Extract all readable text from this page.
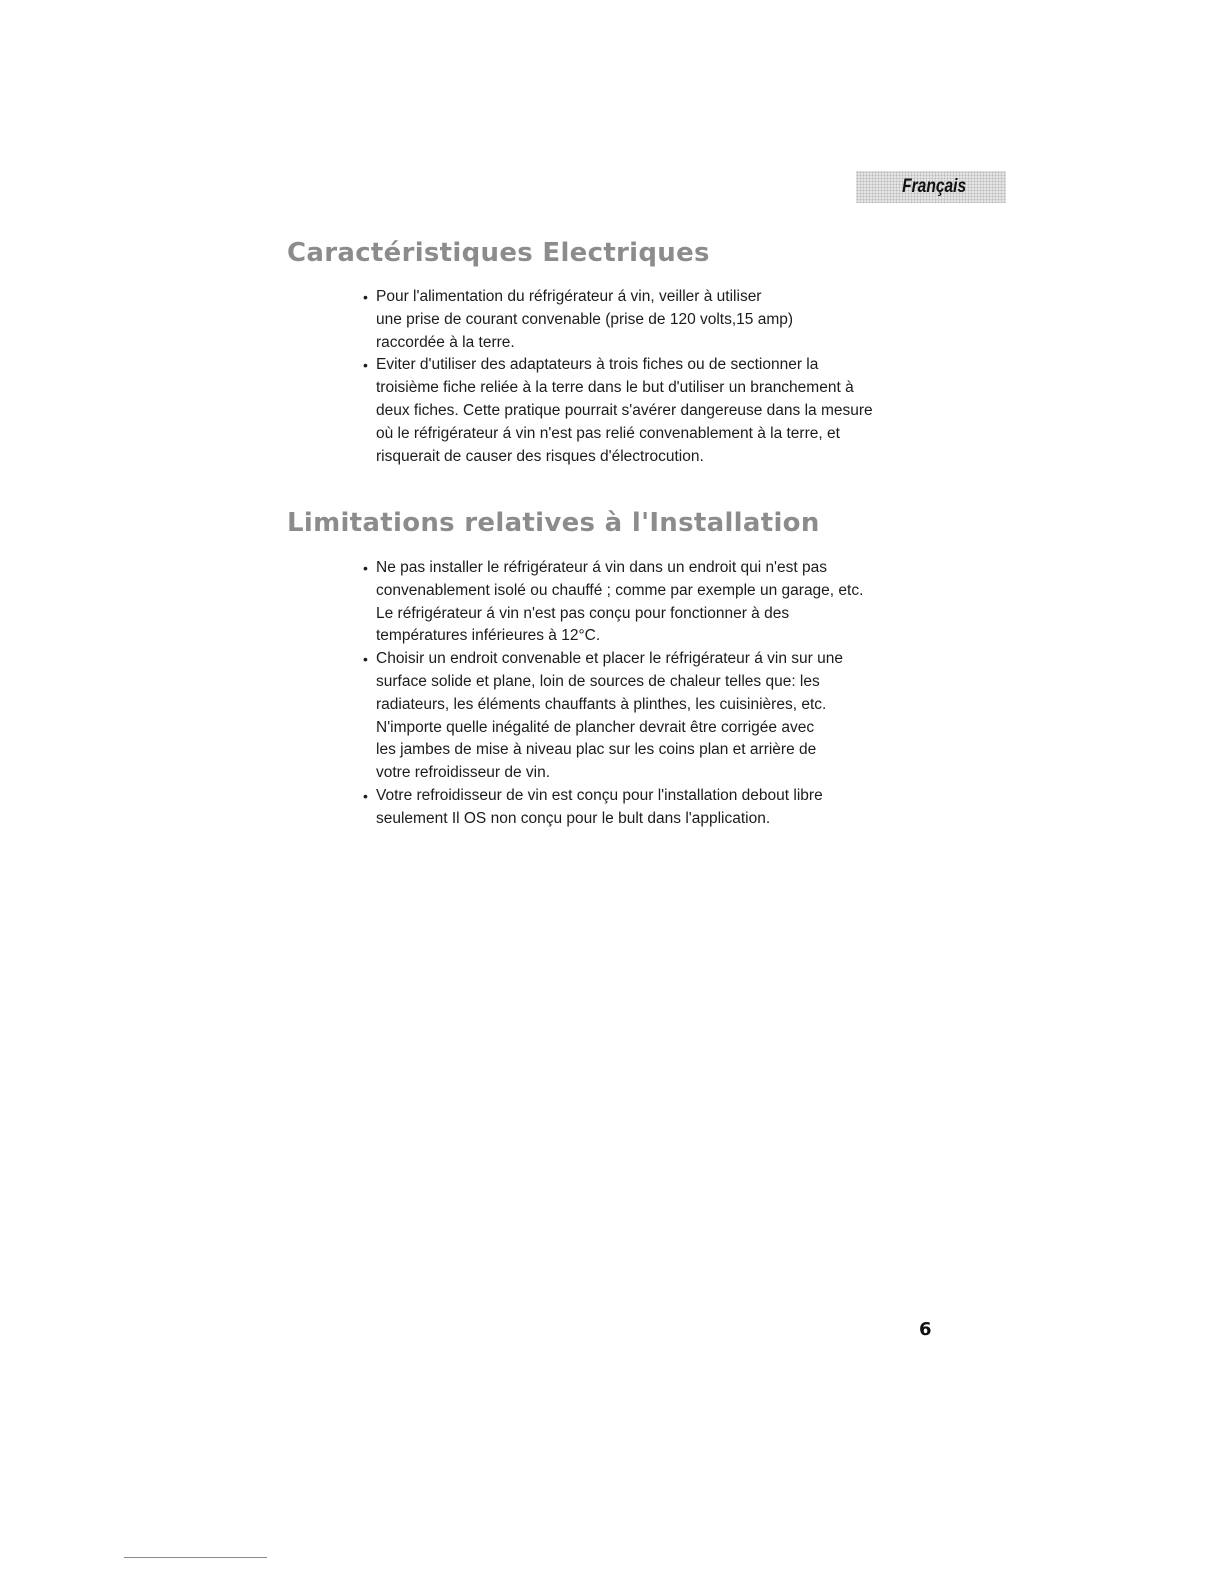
Français
Caractéristiques Electriques
• Pour l'alimentation du réfrigérateur á vin, veiller à utiliser
une prise de courant convenable (prise de 120 volts,15 amp)
raccordée à la terre.
• Eviter d'utiliser des adaptateurs à trois fiches ou de sectionner la
troisième fiche reliée à la terre dans le but d'utiliser un branchement à
deux fiches. Cette pratique pourrait s'avérer dangereuse dans la mesure
où le réfrigérateur á vin n'est pas relié convenablement à la terre, et
risquerait de causer des risques d'électrocution.
Limitations relatives à l'Installation
• Ne pas installer le réfrigérateur á vin dans un endroit qui n'est pas
convenablement isolé ou chauffé ; comme par exemple un garage, etc.
Le réfrigérateur á vin n'est pas conçu pour fonctionner à des
températures inférieures à 12°C.
• Choisir un endroit convenable et placer le réfrigérateur á vin sur une
surface solide et plane, loin de sources de chaleur telles que: les
radiateurs, les éléments chauffants à plinthes, les cuisinières, etc.
N'importe quelle inégalité de plancher devrait être corrigée avec
les jambes de mise à niveau plac sur les coins plan et arrière de
votre refroidisseur de vin.
• Votre refroidisseur de vin est conçu pour l'installation debout libre
seulement Il OS non conçu pour le bult dans l'application.
6
